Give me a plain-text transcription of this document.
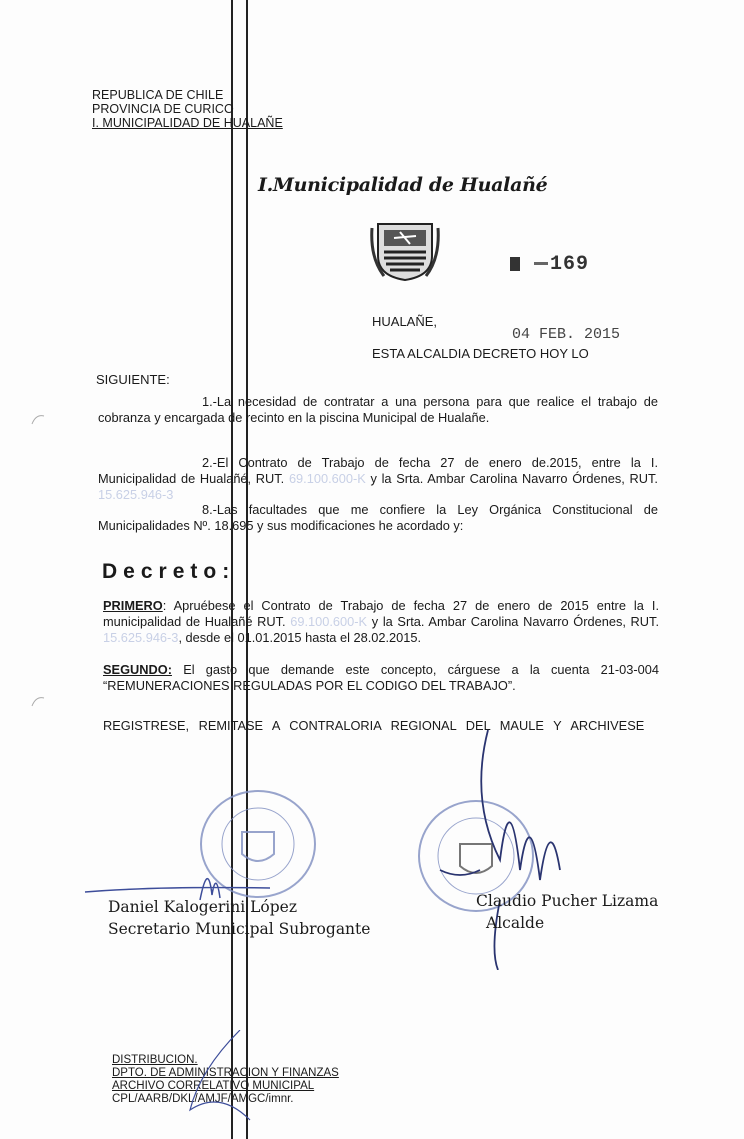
REPUBLICA DE CHILE
PROVINCIA DE CURICO
I. MUNICIPALIDAD DE HUALAÑE
I.Municipalidad de Hualañé
169
HUALAÑE,
04 FEB. 2015
ESTA ALCALDIA DECRETO HOY LO
SIGUIENTE:

1.-La necesidad de contratar a una persona para que realice el trabajo de cobranza y encargada de recinto en la piscina Municipal de Hualañe.

2.-El Contrato de Trabajo de fecha 27 de enero de.2015, entre la I. Municipalidad de Hualañé, RUT. 69.100.600-K y la Srta. Ambar Carolina Navarro Órdenes, RUT. 15.625.946-3

8.-Las facultades que me confiere la Ley Orgánica Constitucional de Municipalidades Nº. 18.695 y sus modificaciones he acordado y:

Decreto:

PRIMERO: Apruébese el Contrato de Trabajo de fecha 27 de enero de 2015 entre la I. municipalidad de Hualañé RUT. 69.100.600-K y la Srta. Ambar Carolina Navarro Órdenes, RUT. 15.625.946-3, desde el 01.01.2015 hasta el 28.02.2015.

SEGUNDO: El gasto que demande este concepto, cárguese a la cuenta 21-03-004 “REMUNERACIONES REGULADAS POR EL CODIGO DEL TRABAJO”.

REGISTRESE, REMITASE A CONTRALORIA REGIONAL DEL MAULE Y ARCHIVESE

Daniel Kalogerini López
Secretario Municipal Subrogante
Claudio Pucher Lizama
Alcalde
DISTRIBUCION.
DPTO. DE ADMINISTRACION Y FINANZAS
ARCHIVO CORRELATIVO MUNICIPAL
CPL/AARB/DKL/AMJF/AMGC/imnr.
